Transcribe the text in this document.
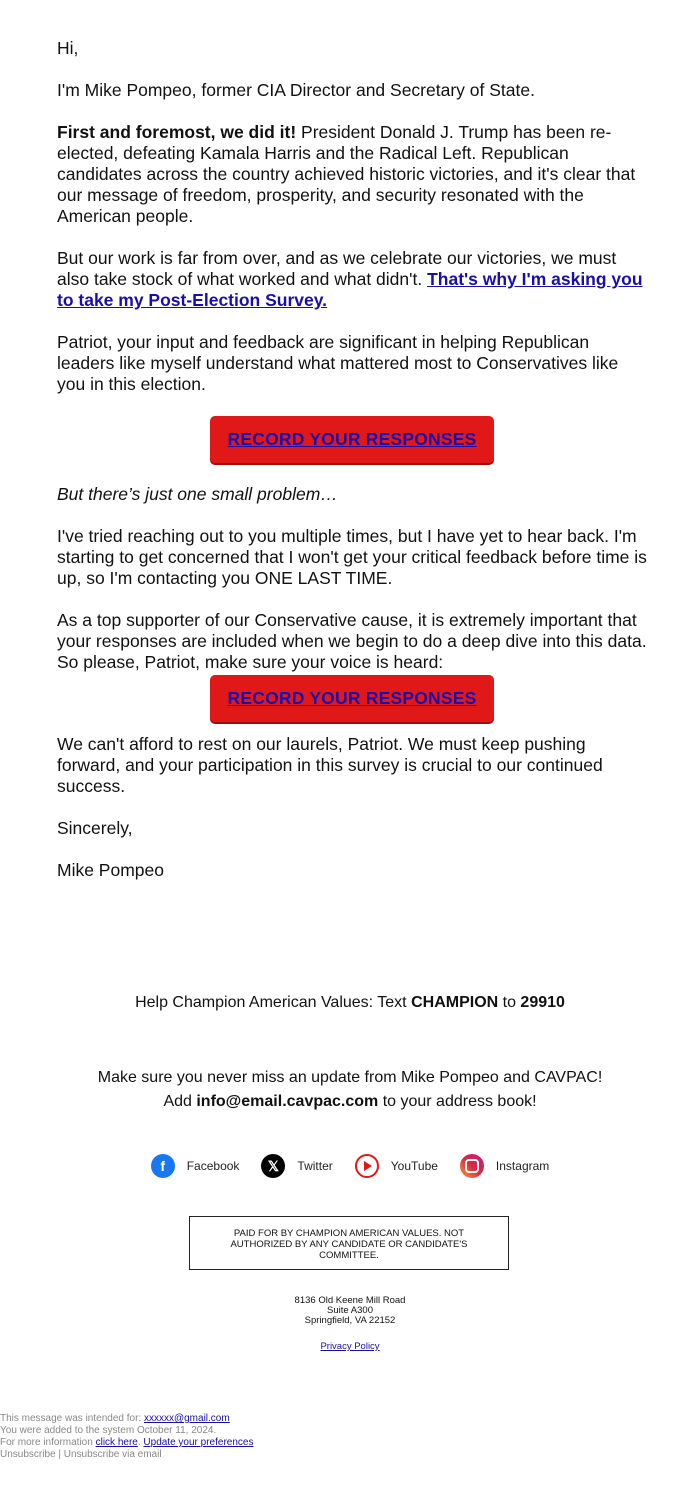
Hi,

I'm Mike Pompeo, former CIA Director and Secretary of State.

First and foremost, we did it! President Donald J. Trump has been re-elected, defeating Kamala Harris and the Radical Left. Republican candidates across the country achieved historic victories, and it's clear that our message of freedom, prosperity, and security resonated with the American people.

But our work is far from over, and as we celebrate our victories, we must also take stock of what worked and what didn't. That's why I'm asking you to take my Post-Election Survey.

Patriot, your input and feedback are significant in helping Republican leaders like myself understand what mattered most to Conservatives like you in this election.

RECORD YOUR RESPONSES

But there’s just one small problem…

I've tried reaching out to you multiple times, but I have yet to hear back. I'm starting to get concerned that I won't get your critical feedback before time is up, so I'm contacting you ONE LAST TIME.

As a top supporter of our Conservative cause, it is extremely important that your responses are included when we begin to do a deep dive into this data. So please, Patriot, make sure your voice is heard:

RECORD YOUR RESPONSES

We can't afford to rest on our laurels, Patriot. We must keep pushing forward, and your participation in this survey is crucial to our continued success.

Sincerely,

Mike Pompeo

Help Champion American Values: Text CHAMPION to 29910
Make sure you never miss an update from Mike Pompeo and CAVPAC!
Add info@email.cavpac.com to your address book!
f	Facebook	𝕏	Twitter	YouTube	Instagram
PAID FOR BY CHAMPION AMERICAN VALUES. NOT AUTHORIZED BY ANY CANDIDATE OR CANDIDATE'S COMMITTEE.
8136 Old Keene Mill Road
Suite A300
Springfield, VA 22152
Privacy Policy
This message was intended for: xxxxxx@gmail.com
You were added to the system October 11, 2024.
For more information click here. Update your preferences
Unsubscribe | Unsubscribe via email
